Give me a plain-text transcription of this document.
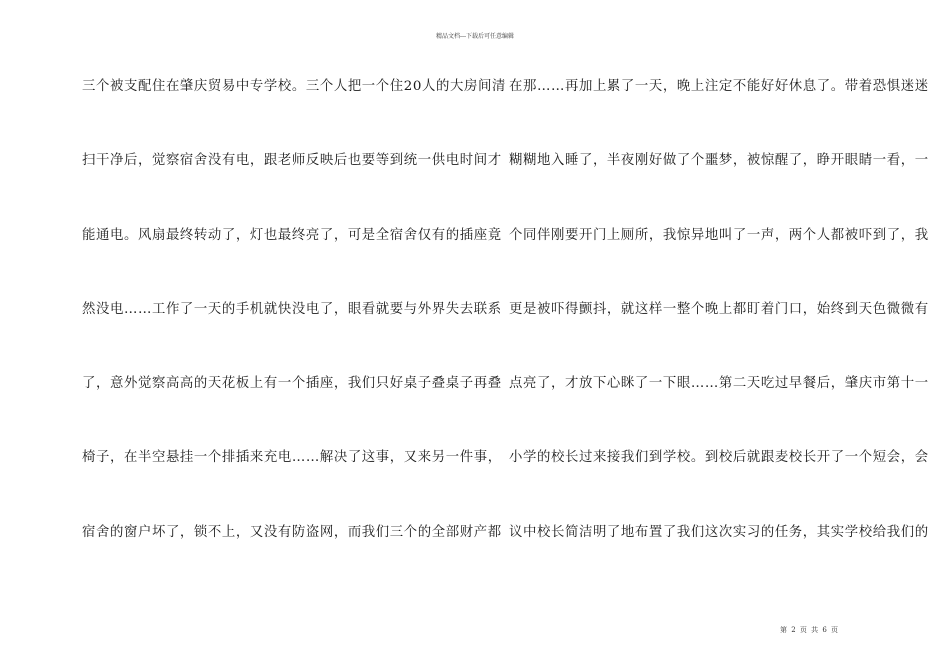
精品文档---下载后可任意编辑
三个被支配住在肇庆贸易中专学校。三个人把一个住20人的大房间清
扫干净后，觉察宿舍没有电，跟老师反映后也要等到统一供电时间才
能通电。风扇最终转动了，灯也最终亮了，可是全宿舍仅有的插座竟
然没电……工作了一天的手机就快没电了，眼看就要与外界失去联系
了，意外觉察高高的天花板上有一个插座，我们只好桌子叠桌子再叠
椅子，在半空悬挂一个排插来充电……解决了这事，又来另一件事，
宿舍的窗户坏了，锁不上，又没有防盗网，而我们三个的全部财产都
在那……再加上累了一天，晚上注定不能好好休息了。带着恐惧迷迷
糊糊地入睡了，半夜刚好做了个噩梦，被惊醒了，睁开眼睛一看，一
个同伴刚要开门上厕所，我惊异地叫了一声，两个人都被吓到了，我
更是被吓得颤抖，就这样一整个晚上都盯着门口，始终到天色微微有
点亮了，才放下心眯了一下眼……第二天吃过早餐后，肇庆市第十一
小学的校长过来接我们到学校。到校后就跟麦校长开了一个短会，会
议中校长简洁明了地布置了我们这次实习的任务，其实学校给我们的
第 2 页 共 6 页
